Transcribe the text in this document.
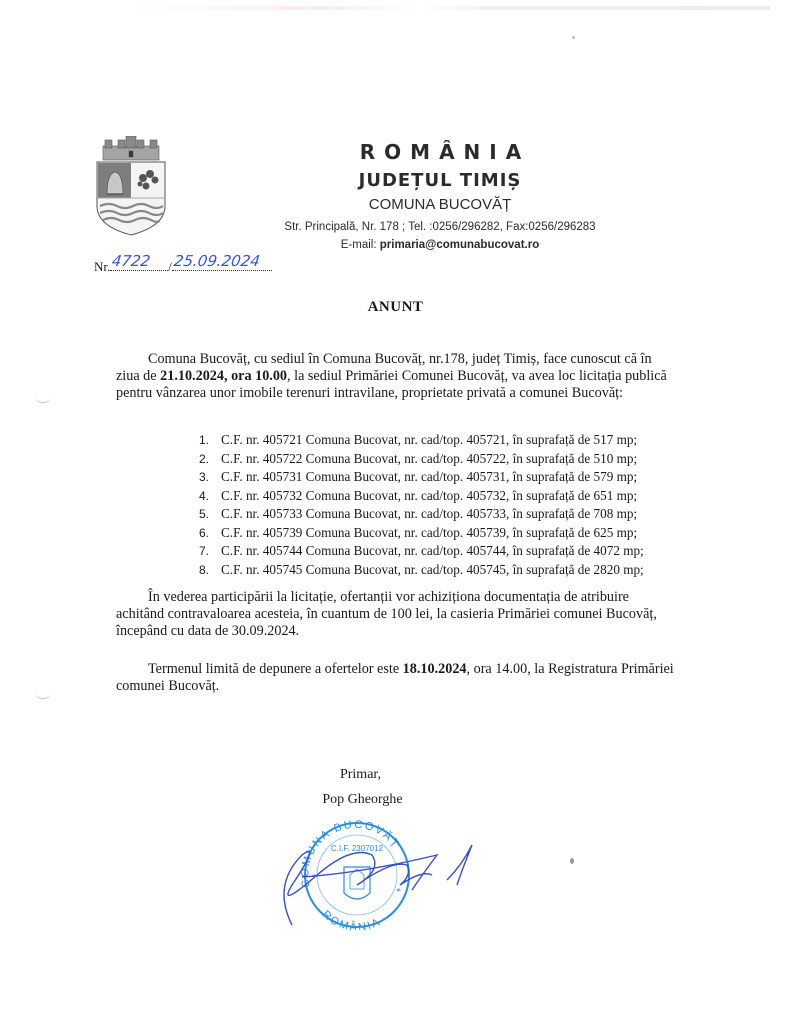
ROMÂNIA
JUDEȚUL TIMIȘ
COMUNA BUCOVĂȚ
Str. Principală, Nr. 178 ; Tel. :0256/296282, Fax:0256/296283
E-mail: primaria@comunabucovat.ro
Nr. 4722 / 25.09.2024
ANUNT
Comuna Bucovăț, cu sediul în Comuna Bucovăț, nr.178, județ Timiș, face cunoscut că în ziua de 21.10.2024, ora 10.00, la sediul Primăriei Comunei Bucovăț, va avea loc licitația publică pentru vânzarea unor imobile terenuri intravilane, proprietate privată a comunei Bucovăț:
1. C.F. nr. 405721 Comuna Bucovat, nr. cad/top. 405721, în suprafață de 517 mp;
2. C.F. nr. 405722 Comuna Bucovat, nr. cad/top. 405722, în suprafață de 510 mp;
3. C.F. nr. 405731 Comuna Bucovat, nr. cad/top. 405731, în suprafață de 579 mp;
4. C.F. nr. 405732 Comuna Bucovat, nr. cad/top. 405732, în suprafață de 651 mp;
5. C.F. nr. 405733 Comuna Bucovat, nr. cad/top. 405733, în suprafață de 708 mp;
6. C.F. nr. 405739 Comuna Bucovat, nr. cad/top. 405739, în suprafață de 625 mp;
7. C.F. nr. 405744 Comuna Bucovat, nr. cad/top. 405744, în suprafață de 4072 mp;
8. C.F. nr. 405745 Comuna Bucovat, nr. cad/top. 405745, în suprafață de 2820 mp;
În vederea participării la licitație, ofertanții vor achiziționa documentația de atribuire achitând contravaloarea acesteia, în cuantum de 100 lei, la casieria Primăriei comunei Bucovăț, începând cu data de 30.09.2024.
Termenul limită de depunere a ofertelor este 18.10.2024, ora 14.00, la Registratura Primăriei comunei Bucovăț.
Primar,
Pop Gheorghe
COMUNA BUCOVĂȚ
ROMÂNIA
C.I.F. 2307012
*
*
